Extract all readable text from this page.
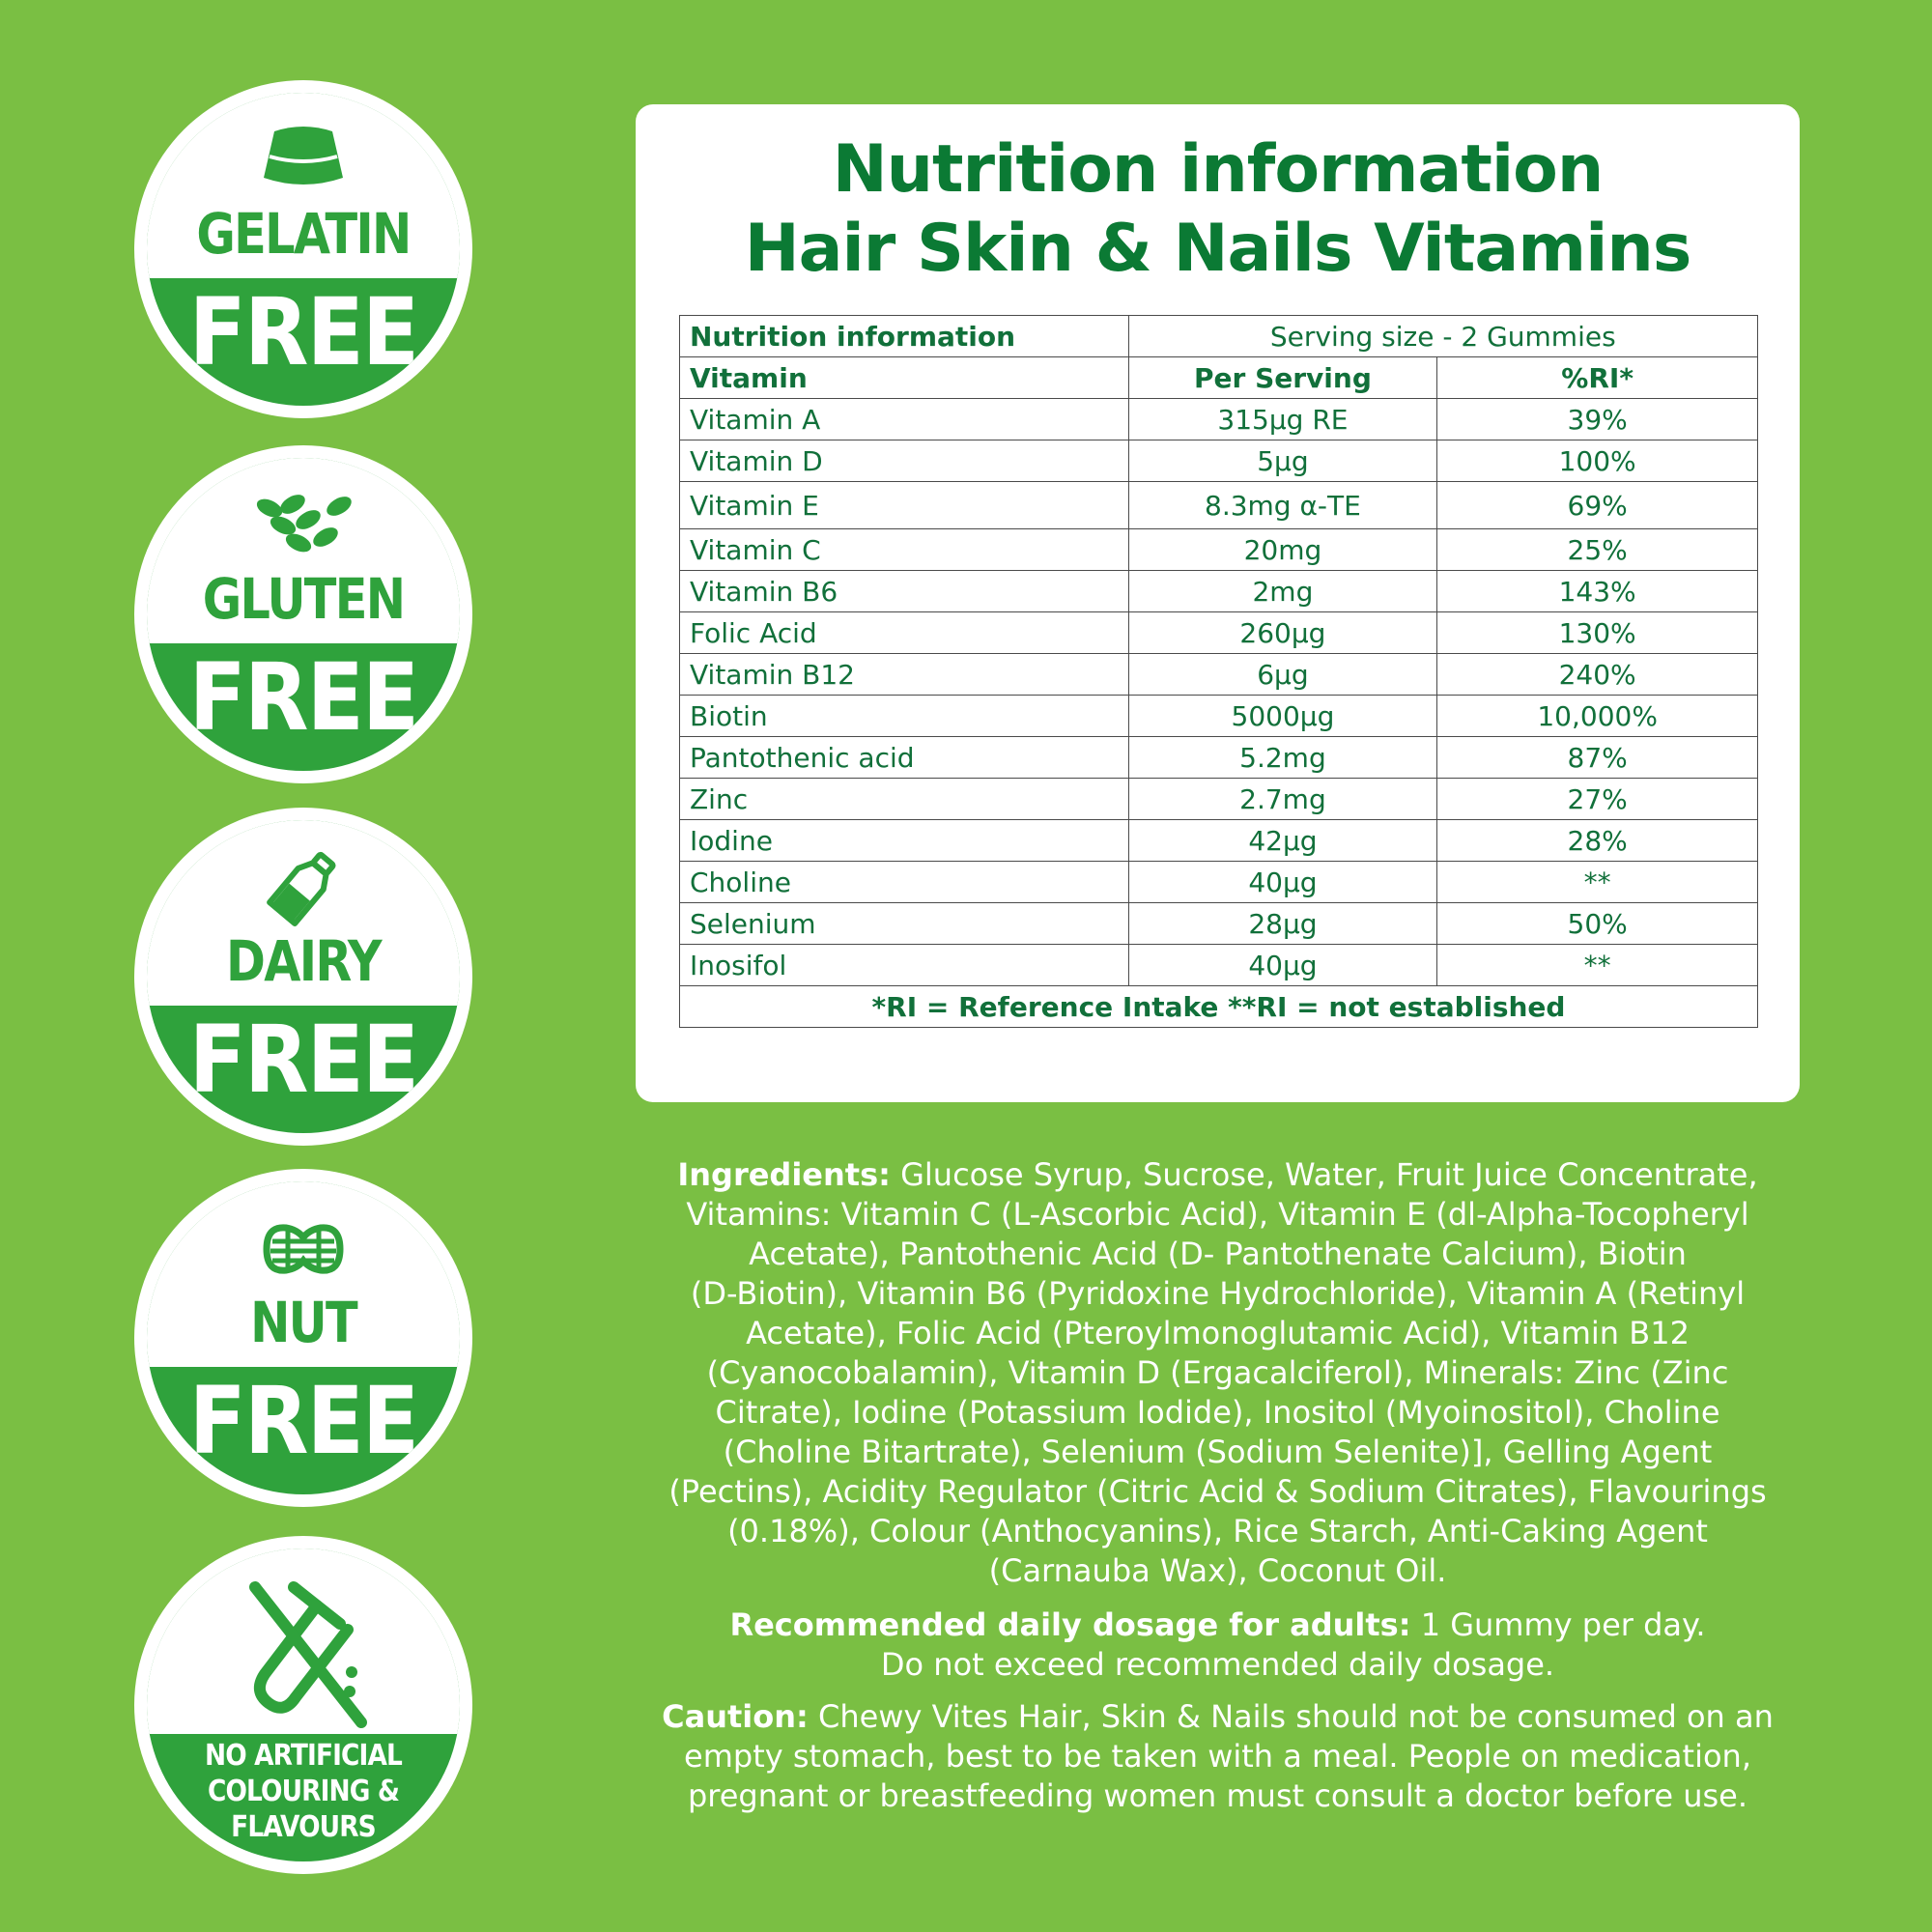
GELATIN
FREE
GLUTEN
FREE
DAIRY
FREE
NUT
FREE
NO ARTIFICIAL
COLOURING &
FLAVOURS
Nutrition information
Hair Skin & Nails Vitamins
Nutrition information	Serving size - 2 Gummies	
Vitamin	Per Serving	%RI*
Vitamin A	315µg RE	39%
Vitamin D	5µg	100%
Vitamin E	8.3mg α-TE	69%
Vitamin C	20mg	25%
Vitamin B6	2mg	143%
Folic Acid	260µg	130%
Vitamin B12	6µg	240%
Biotin	5000µg	10,000%
Pantothenic acid	5.2mg	87%
Zinc	2.7mg	27%
Iodine	42µg	28%
Choline	40µg	**
Selenium	28µg	50%
Inosifol	40µg	**
*RI = Reference Intake **RI = not established		
Ingredients: Glucose Syrup, Sucrose, Water, Fruit Juice Concentrate,
Vitamins: Vitamin C (L-Ascorbic Acid), Vitamin E (dl-Alpha-Tocopheryl
Acetate), Pantothenic Acid (D- Pantothenate Calcium), Biotin
(D-Biotin), Vitamin B6 (Pyridoxine Hydrochloride), Vitamin A (Retinyl
Acetate), Folic Acid (Pteroylmonoglutamic Acid), Vitamin B12
(Cyanocobalamin), Vitamin D (Ergacalciferol), Minerals: Zinc (Zinc
Citrate), Iodine (Potassium Iodide), Inositol (Myoinositol), Choline
(Choline Bitartrate), Selenium (Sodium Selenite)], Gelling Agent
(Pectins), Acidity Regulator (Citric Acid & Sodium Citrates), Flavourings
(0.18%), Colour (Anthocyanins), Rice Starch, Anti-Caking Agent
(Carnauba Wax), Coconut Oil.
Recommended daily dosage for adults: 1 Gummy per day.
Do not exceed recommended daily dosage.
Caution: Chewy Vites Hair, Skin & Nails should not be consumed on an
empty stomach, best to be taken with a meal. People on medication,
pregnant or breastfeeding women must consult a doctor before use.
